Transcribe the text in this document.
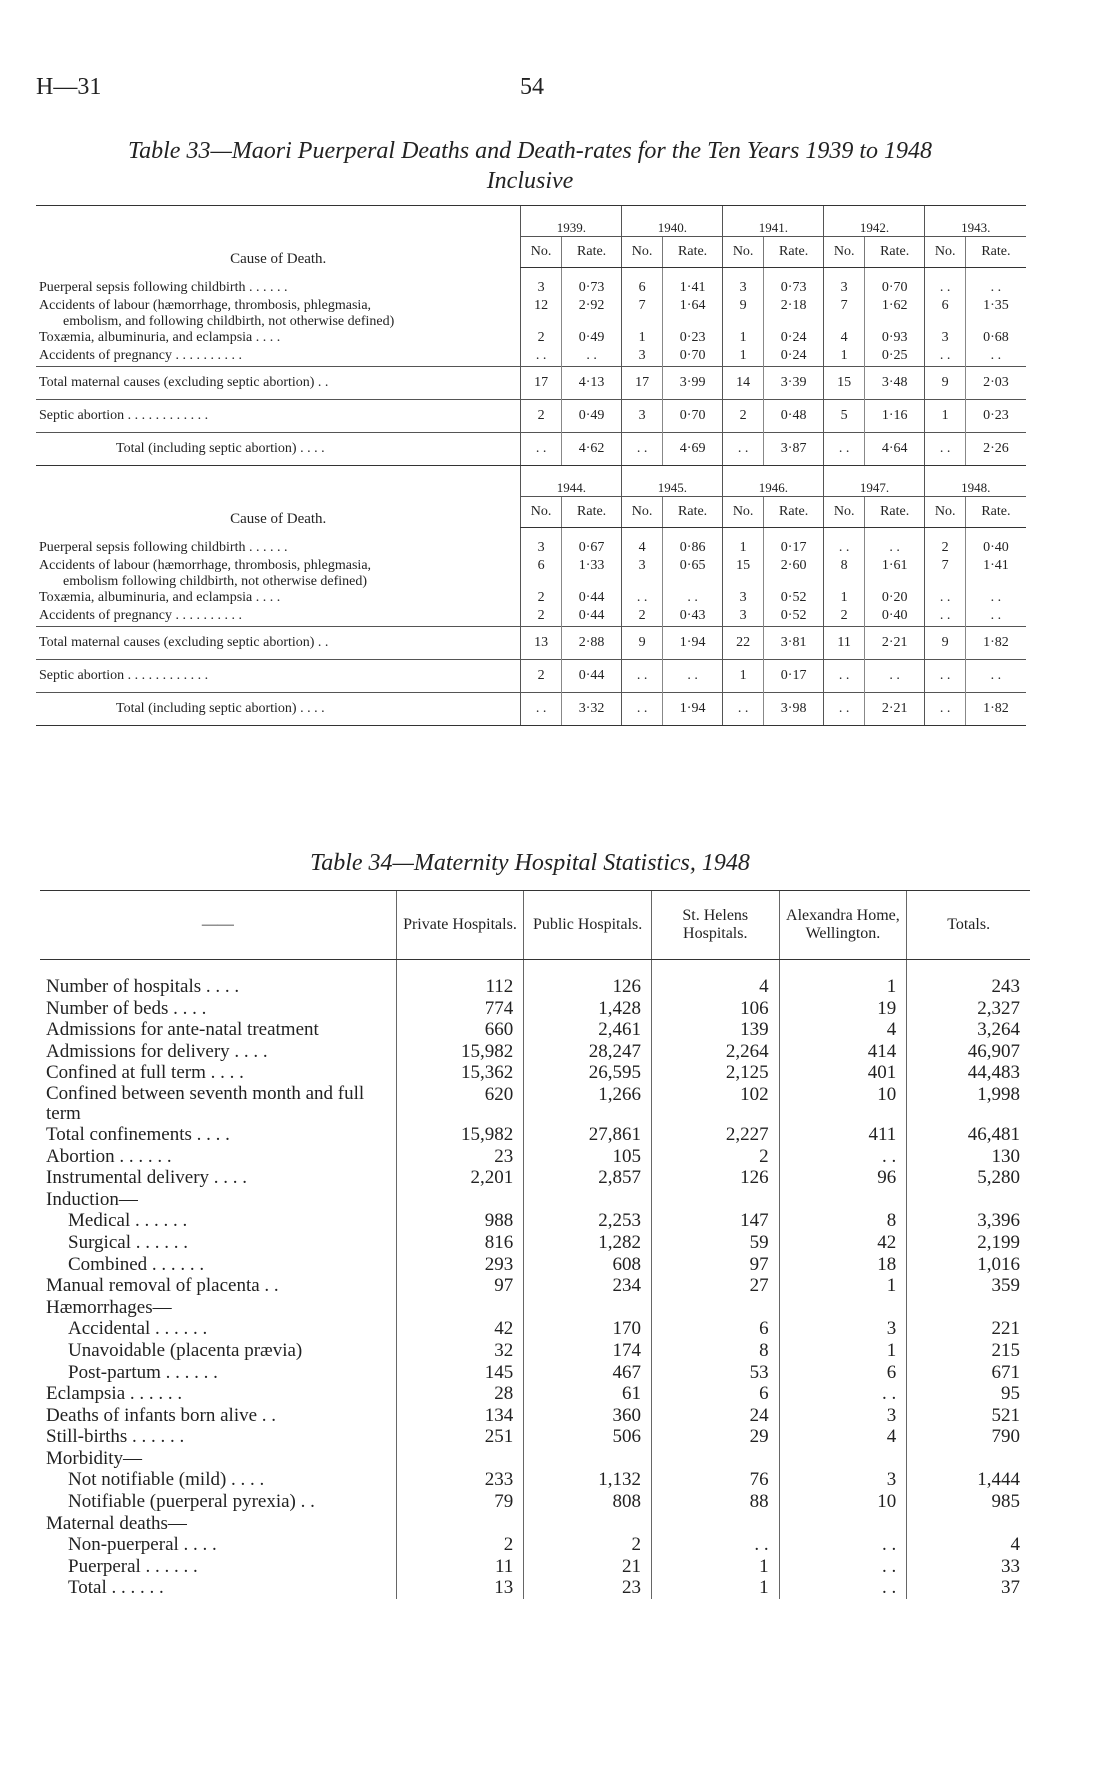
H—31	54
Table 33—Maori Puerperal Deaths and Death-rates for the Ten Years 1939 to 1948
Inclusive
Cause of Death.	1939.		1940.		1941.		1942.		1943.	
	No.	Rate.	No.	Rate.	No.	Rate.	No.	Rate.	No.	Rate.

Puerperal sepsis following childbirth . . . . . .	3	0·73	6	1·41	3	0·73	3	0·70	. .	. .
Accidents of labour (hæmorrhage, thrombosis, phlegmasia,
embolism, and following childbirth, not otherwise defined)	12	2·92	7	1·64	9	2·18	7	1·62	6	1·35
Toxæmia, albuminuria, and eclampsia . . . .	2	0·49	1	0·23	1	0·24	4	0·93	3	0·68
Accidents of pregnancy . . . . . . . . . .	. .	. .	3	0·70	1	0·24	1	0·25	. .	. .
Total maternal causes (excluding septic abortion) . .	17	4·13	17	3·99	14	3·39	15	3·48	9	2·03
Septic abortion . . . . . . . . . . . .	2	0·49	3	0·70	2	0·48	5	1·16	1	0·23
Total (including septic abortion) . . . .	. .	4·62	. .	4·69	. .	3·87	. .	4·64	. .	2·26
Cause of Death.	1944.		1945.		1946.		1947.		1948.	
	No.	Rate.	No.	Rate.	No.	Rate.	No.	Rate.	No.	Rate.

Puerperal sepsis following childbirth . . . . . .	3	0·67	4	0·86	1	0·17	. .	. .	2	0·40
Accidents of labour (hæmorrhage, thrombosis, phlegmasia,
embolism following childbirth, not otherwise defined)	6	1·33	3	0·65	15	2·60	8	1·61	7	1·41
Toxæmia, albuminuria, and eclampsia . . . .	2	0·44	. .	. .	3	0·52	1	0·20	. .	. .
Accidents of pregnancy . . . . . . . . . .	2	0·44	2	0·43	3	0·52	2	0·40	. .	. .
Total maternal causes (excluding septic abortion) . .	13	2·88	9	1·94	22	3·81	11	2·21	9	1·82
Septic abortion . . . . . . . . . . . .	2	0·44	. .	. .	1	0·17	. .	. .	. .	. .
Total (including septic abortion) . . . .	. .	3·32	. .	1·94	. .	3·98	. .	2·21	. .	1·82
Table 34—Maternity Hospital Statistics, 1948
——	Private Hospitals.	Public Hospitals.	St. Helens Hospitals.	Alexandra Home, Wellington.	Totals.
Number of hospitals . . . .	112	126	4	1	243
Number of beds . . . .	774	1,428	106	19	2,327
Admissions for ante-natal treatment	660	2,461	139	4	3,264
Admissions for delivery . . . .	15,982	28,247	2,264	414	46,907
Confined at full term . . . .	15,362	26,595	2,125	401	44,483
Confined between seventh month and full term	620	1,266	102	10	1,998
Total confinements . . . .	15,982	27,861	2,227	411	46,481
Abortion . . . . . .	23	105	2	. .	130
Instrumental delivery . . . .	2,201	2,857	126	96	5,280
Induction—					
Medical . . . . . .	988	2,253	147	8	3,396
Surgical . . . . . .	816	1,282	59	42	2,199
Combined . . . . . .	293	608	97	18	1,016
Manual removal of placenta . .	97	234	27	1	359
Hæmorrhages—					
Accidental . . . . . .	42	170	6	3	221
Unavoidable (placenta prævia)	32	174	8	1	215
Post-partum . . . . . .	145	467	53	6	671
Eclampsia . . . . . .	28	61	6	. .	95
Deaths of infants born alive . .	134	360	24	3	521
Still-births . . . . . .	251	506	29	4	790
Morbidity—					
Not notifiable (mild) . . . .	233	1,132	76	3	1,444
Notifiable (puerperal pyrexia) . .	79	808	88	10	985
Maternal deaths—					
Non-puerperal . . . .	2	2	. .	. .	4
Puerperal . . . . . .	11	21	1	. .	33
Total . . . . . .	13	23	1	. .	37
